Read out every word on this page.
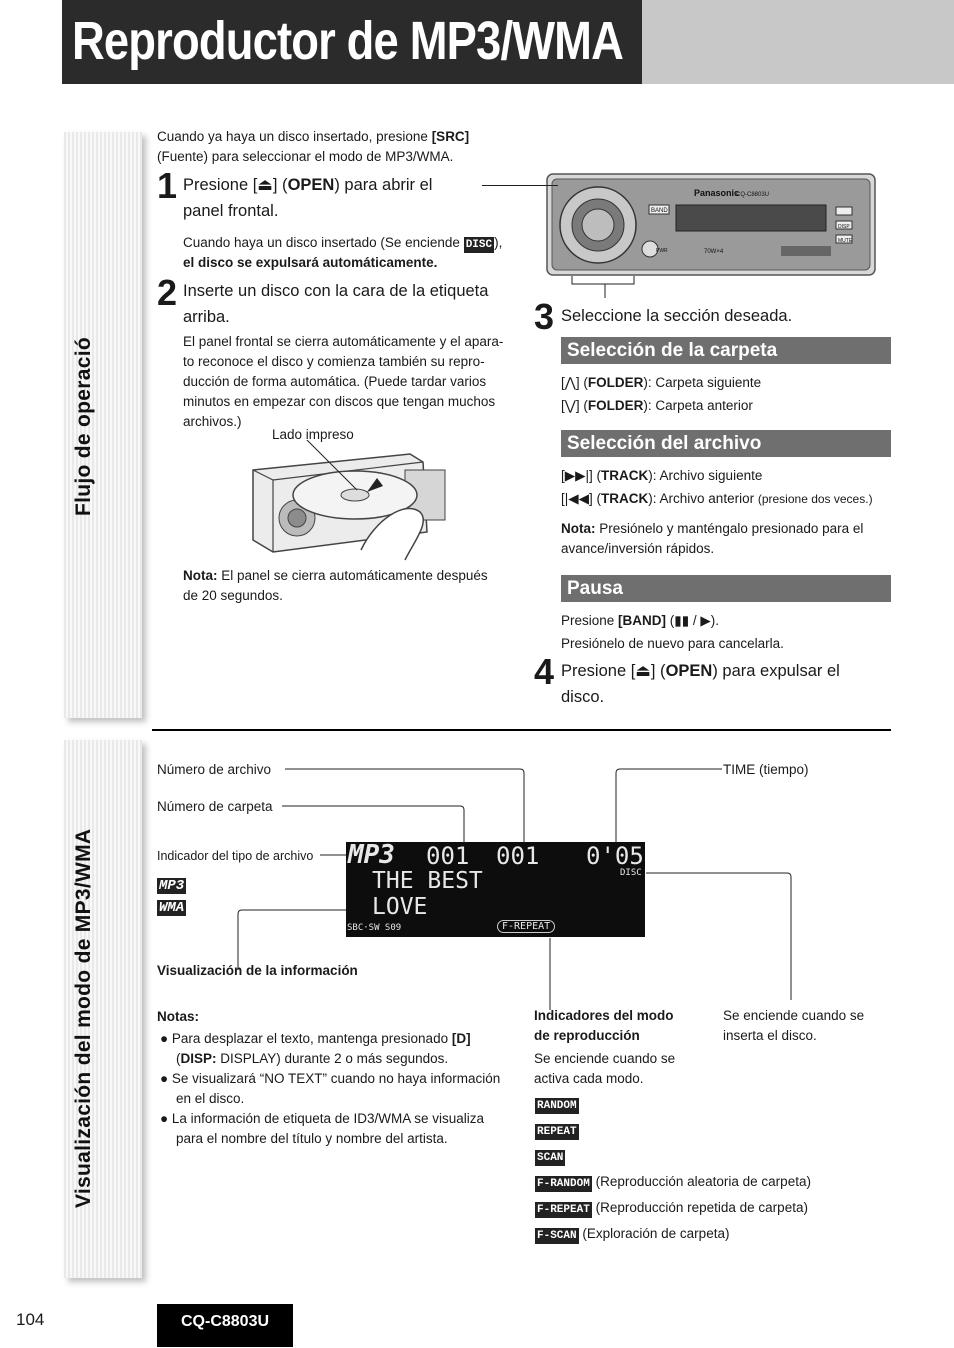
Reproductor de MP3/WMA
Flujo de operació
Visualización del modo de MP3/WMA
Cuando ya haya un disco insertado, presione [SRC]
(Fuente) para seleccionar el modo de MP3/WMA.
1 Presione [⏏] (OPEN) para abrir el
panel frontal.
Cuando haya un disco insertado (Se enciende DISC ),
el disco se expulsará automáticamente.
2 Inserte un disco con la cara de la etiqueta
arriba.
El panel frontal se cierra automáticamente y el apara-
to reconoce el disco y comienza también su repro-
ducción de forma automática. (Puede tardar varios
minutos en empezar con discos que tengan muchos
archivos.)
Lado impreso
Nota: El panel se cierra automáticamente después
de 20 segundos.
Panasonic
CQ-C8803U
BAND
PWR
DISP
MUTE
70W×4
3 Seleccione la sección deseada.
Selección de la carpeta
[⋀] (FOLDER): Carpeta siguiente
[⋁] (FOLDER): Carpeta anterior
Selección del archivo
[▶▶|] (TRACK): Archivo siguiente
[|◀◀] (TRACK): Archivo anterior (presione dos veces.)
Nota: Presiónelo y manténgalo presionado para el
avance/inversión rápidos.
Pausa
Presione [BAND] (▮▮ / ▶).
Presiónelo de nuevo para cancelarla.
4 Presione [⏏] (OPEN) para expulsar el
disco.
Número de archivo
Número de carpeta
Indicador del tipo de archivo
TIME (tiempo)
MP3
WMA
MP3 001 001 0'05
THE BEST
LOVE
DISC
SBC·SW S09	F-REPEAT
Visualización de la información
Notas:
● Para desplazar el texto, mantenga presionado [D]
(DISP: DISPLAY) durante 2 o más segundos.
● Se visualizará “NO TEXT” cuando no haya información
en el disco.
● La información de etiqueta de ID3/WMA se visualiza
para el nombre del título y nombre del artista.
Indicadores del modo
de reproducción
Se enciende cuando se
activa cada modo.
Se enciende cuando se
inserta el disco.
RANDOM
REPEAT
SCAN
F-RANDOM (Reproducción aleatoria de carpeta)
F-REPEAT (Reproducción repetida de carpeta)
F-SCAN (Exploración de carpeta)
104	CQ-C8803U
